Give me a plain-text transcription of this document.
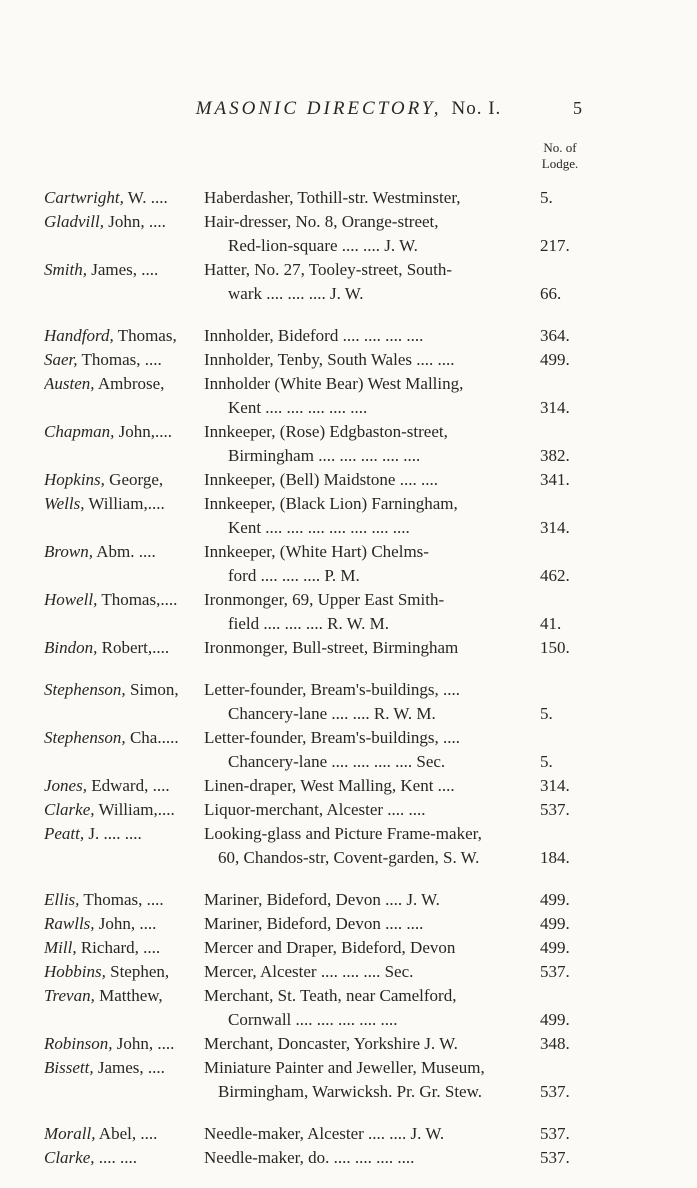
MASONIC DIRECTORY, No. I.	5
No. of
Lodge.
Cartwright, W. ....	Haberdasher, Tothill-str. Westminster,	5.
Gladvill, John, ....	Hair-dresser, No. 8, Orange-street,
Red-lion-square .... .... J. W.	217.
Smith, James, ....	Hatter, No. 27, Tooley-street, South-
wark .... .... .... J. W.	66.
Handford, Thomas,	Innholder, Bideford .... .... .... ....	364.
Saer, Thomas, ....	Innholder, Tenby, South Wales .... ....	499.
Austen, Ambrose,	Innholder (White Bear) West Malling,
Kent .... .... .... .... ....	314.
Chapman, John,....	Innkeeper, (Rose) Edgbaston-street,
Birmingham .... .... .... .... ....	382.
Hopkins, George,	Innkeeper, (Bell) Maidstone .... ....	341.
Wells, William,....	Innkeeper, (Black Lion) Farningham,
Kent .... .... .... .... .... .... ....	314.
Brown, Abm. ....	Innkeeper, (White Hart) Chelms-
ford .... .... .... P. M.	462.
Howell, Thomas,....	Ironmonger, 69, Upper East Smith-
field .... .... .... R. W. M.	41.
Bindon, Robert,....	Ironmonger, Bull-street, Birmingham	150.
Stephenson, Simon,	Letter-founder, Bream's-buildings, ....
Chancery-lane .... .... R. W. M.	5.
Stephenson, Cha.....	Letter-founder, Bream's-buildings, ....
Chancery-lane .... .... .... .... Sec.	5.
Jones, Edward, ....	Linen-draper, West Malling, Kent ....	314.
Clarke, William,....	Liquor-merchant, Alcester .... ....	537.
Peatt, J. .... ....	Looking-glass and Picture Frame-maker,
60, Chandos-str, Covent-garden, S. W.	184.
Ellis, Thomas, ....	Mariner, Bideford, Devon .... J. W.	499.
Rawlls, John, ....	Mariner, Bideford, Devon .... ....	499.
Mill, Richard, ....	Mercer and Draper, Bideford, Devon	499.
Hobbins, Stephen,	Mercer, Alcester .... .... .... Sec.	537.
Trevan, Matthew,	Merchant, St. Teath, near Camelford,
Cornwall .... .... .... .... ....	499.
Robinson, John, ....	Merchant, Doncaster, Yorkshire J. W.	348.
Bissett, James, ....	Miniature Painter and Jeweller, Museum,
Birmingham, Warwicksh. Pr. Gr. Stew.	537.
Morall, Abel, ....	Needle-maker, Alcester .... .... J. W.	537.
Clarke, .... ....	Needle-maker, do. .... .... .... ....	537.
